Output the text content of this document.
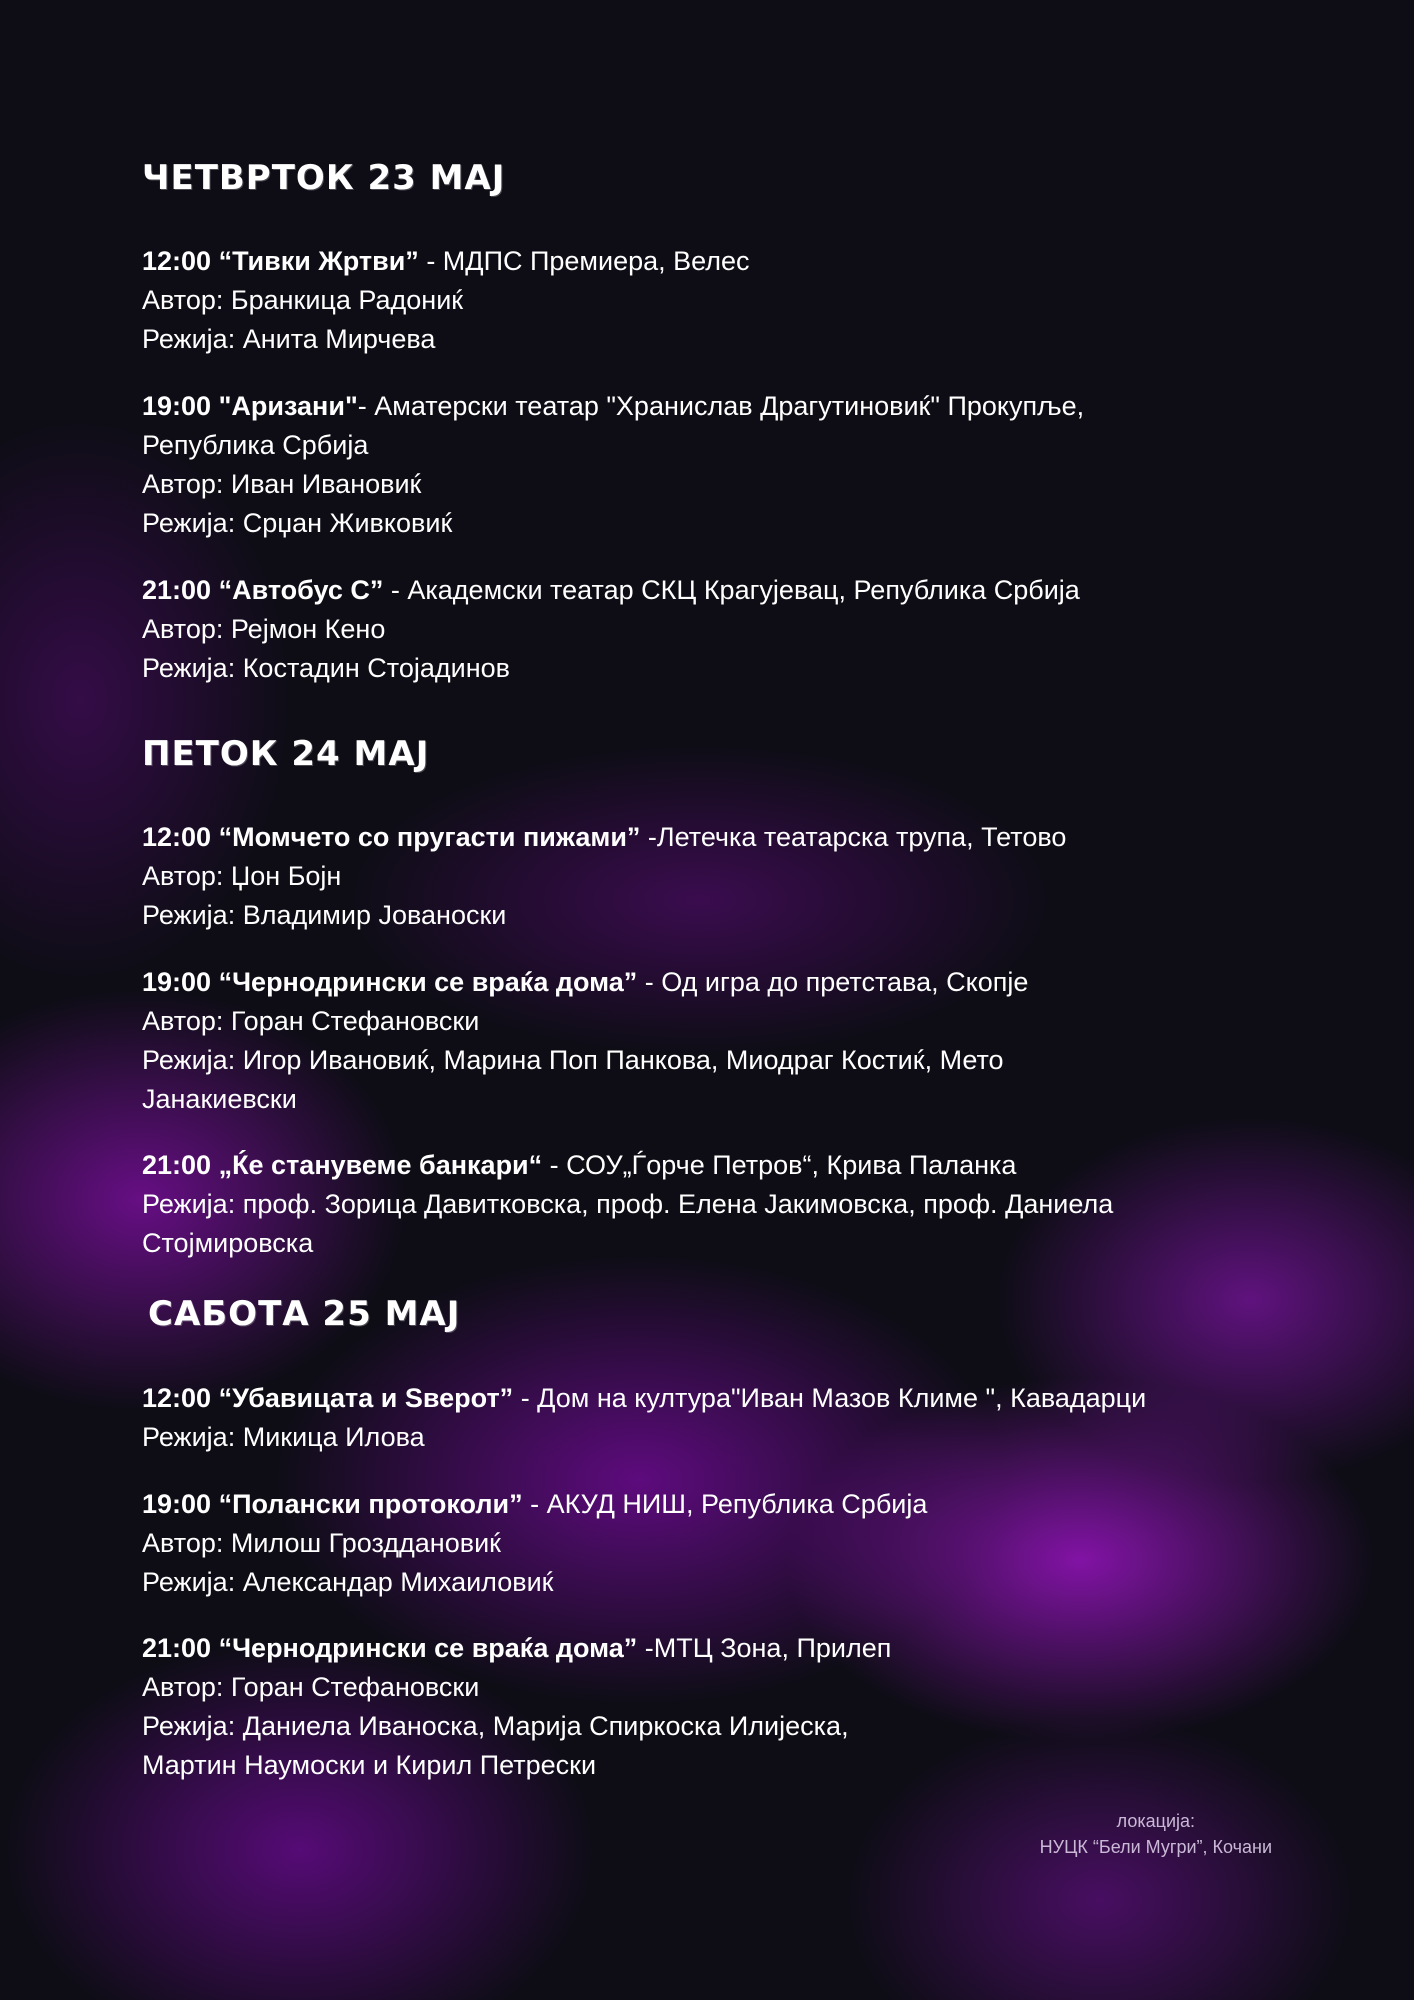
ЧЕТВРТОК 23 МАЈ
12:00 “Тивки Жртви” - МДПС Премиера, Велес
Автор: Бранкица Радониќ
Режија: Анита Мирчева
19:00 "Аризани"- Аматерски театар "Хранислав Драгутиновиќ" Прокупље,
Република Србија
Автор: Иван Ивановиќ
Режија: Срџан Живковиќ
21:00 “Автобус С” - Академски театар СКЦ Крагујевац, Република Србија
Автор: Рејмон Кено
Режија: Костадин Стојадинов
ПЕТОК 24 МАЈ
12:00 “Момчето со пругасти пижами” -Летечка театарска трупа, Тетово
Автор: Џон Бојн
Режија: Владимир Јованоски
19:00 “Чернодрински се враќа дома” - Од игра до претстава, Скопје
Автор: Горан Стефановски
Режија: Игор Ивановиќ, Марина Поп Панкова, Миодраг Костиќ, Мето
Јанакиевски
21:00 „Ќе станувеме банкари“ - СОУ„Ѓорче Петров“, Крива Паланка
Режија: проф. Зорица Давитковска, проф. Елена Јакимовска, проф. Даниела
Стојмировска
САБОТА 25 МАЈ
12:00 “Убавицата и Ѕверот” - Дом на култура"Иван Мазов Климе ", Кавадарци
Режија: Микица Илова
19:00 “Полански протоколи” - АКУД НИШ, Република Србија
Автор: Милош Грозддановиќ
Режија: Александар Михаиловиќ
21:00 “Чернодрински се враќа дома” -МТЦ Зона, Прилеп
Автор: Горан Стефановски
Режија: Даниела Иваноска, Марија Спиркоска Илијеска,
Мартин Наумоски и Кирил Петрески
локација:
НУЦК “Бели Мугри”, Кочани
